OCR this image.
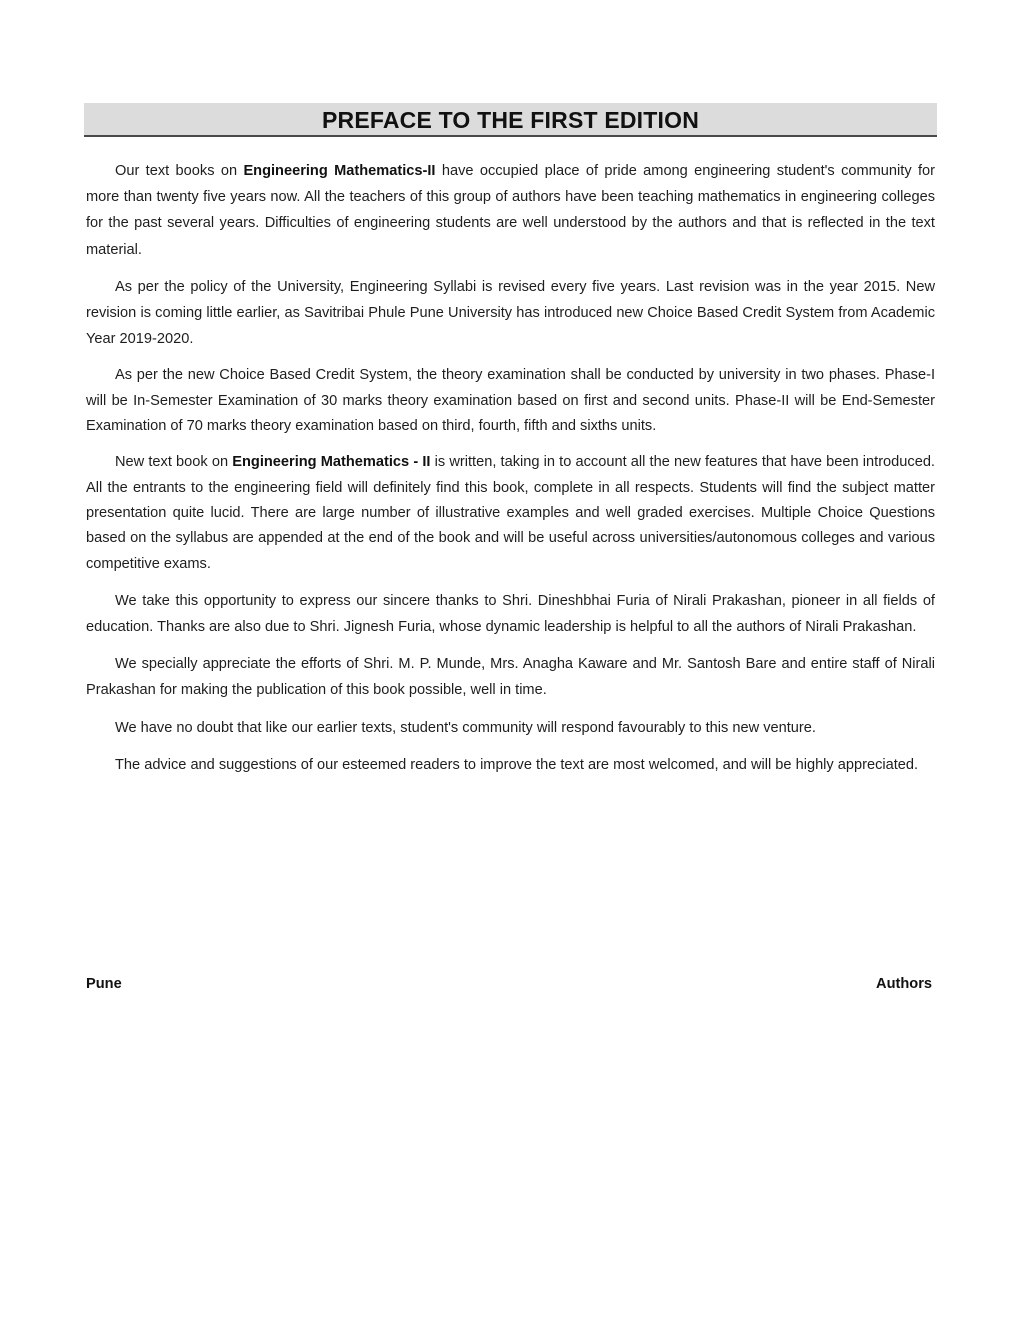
PREFACE TO THE FIRST EDITION

Our text books on Engineering Mathematics-II have occupied place of pride among engineering student's community for more than twenty five years now. All the teachers of this group of authors have been teaching mathematics in engineering colleges for the past several years. Difficulties of engineering students are well understood by the authors and that is reflected in the text material.

As per the policy of the University, Engineering Syllabi is revised every five years. Last revision was in the year 2015. New revision is coming little earlier, as Savitribai Phule Pune University has introduced new Choice Based Credit System from Academic Year 2019-2020.

As per the new Choice Based Credit System, the theory examination shall be conducted by university in two phases. Phase-I will be In-Semester Examination of 30 marks theory examination based on first and second units. Phase-II will be End-Semester Examination of 70 marks theory examination based on third, fourth, fifth and sixths units.

New text book on Engineering Mathematics - II is written, taking in to account all the new features that have been introduced. All the entrants to the engineering field will definitely find this book, complete in all respects. Students will find the subject matter presentation quite lucid. There are large number of illustrative examples and well graded exercises. Multiple Choice Questions based on the syllabus are appended at the end of the book and will be useful across universities/autonomous colleges and various competitive exams.

We take this opportunity to express our sincere thanks to Shri. Dineshbhai Furia of Nirali Prakashan, pioneer in all fields of education. Thanks are also due to Shri. Jignesh Furia, whose dynamic leadership is helpful to all the authors of Nirali Prakashan.

We specially appreciate the efforts of Shri. M. P. Munde, Mrs. Anagha Kaware and Mr. Santosh Bare and entire staff of Nirali Prakashan for making the publication of this book possible, well in time.

We have no doubt that like our earlier texts, student's community will respond favourably to this new venture.

The advice and suggestions of our esteemed readers to improve the text are most welcomed, and will be highly appreciated.

Pune	Authors
